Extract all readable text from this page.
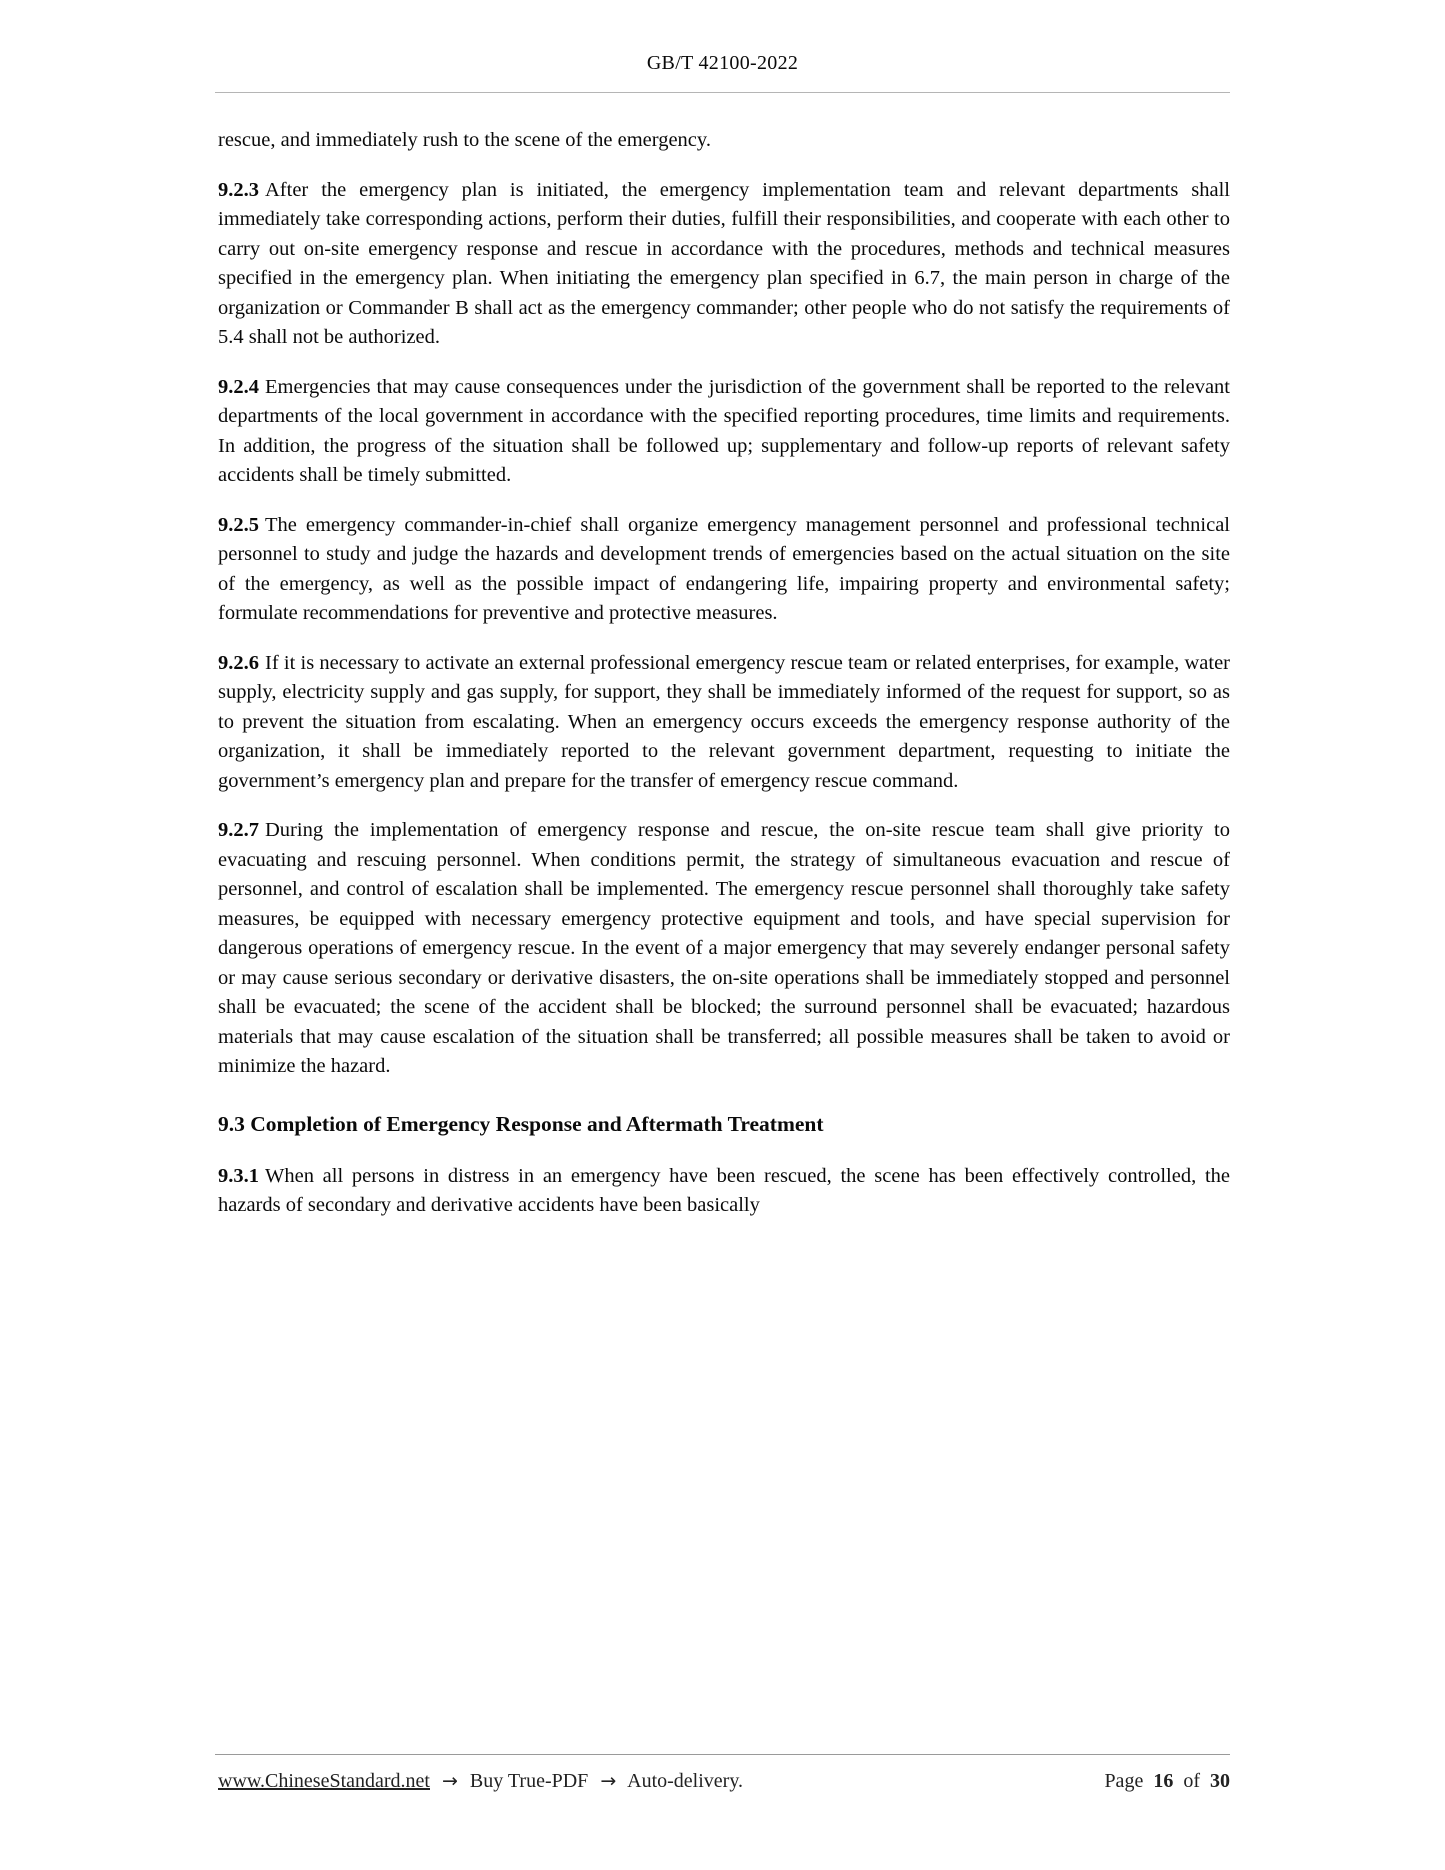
GB/T 42100-2022

rescue, and immediately rush to the scene of the emergency.

9.2.3 After the emergency plan is initiated, the emergency implementation team and relevant departments shall immediately take corresponding actions, perform their duties, fulfill their responsibilities, and cooperate with each other to carry out on-site emergency response and rescue in accordance with the procedures, methods and technical measures specified in the emergency plan. When initiating the emergency plan specified in 6.7, the main person in charge of the organization or Commander B shall act as the emergency commander; other people who do not satisfy the requirements of 5.4 shall not be authorized.

9.2.4 Emergencies that may cause consequences under the jurisdiction of the government shall be reported to the relevant departments of the local government in accordance with the specified reporting procedures, time limits and requirements. In addition, the progress of the situation shall be followed up; supplementary and follow-up reports of relevant safety accidents shall be timely submitted.

9.2.5 The emergency commander-in-chief shall organize emergency management personnel and professional technical personnel to study and judge the hazards and development trends of emergencies based on the actual situation on the site of the emergency, as well as the possible impact of endangering life, impairing property and environmental safety; formulate recommendations for preventive and protective measures.

9.2.6 If it is necessary to activate an external professional emergency rescue team or related enterprises, for example, water supply, electricity supply and gas supply, for support, they shall be immediately informed of the request for support, so as to prevent the situation from escalating. When an emergency occurs exceeds the emergency response authority of the organization, it shall be immediately reported to the relevant government department, requesting to initiate the government’s emergency plan and prepare for the transfer of emergency rescue command.

9.2.7 During the implementation of emergency response and rescue, the on-site rescue team shall give priority to evacuating and rescuing personnel. When conditions permit, the strategy of simultaneous evacuation and rescue of personnel, and control of escalation shall be implemented. The emergency rescue personnel shall thoroughly take safety measures, be equipped with necessary emergency protective equipment and tools, and have special supervision for dangerous operations of emergency rescue. In the event of a major emergency that may severely endanger personal safety or may cause serious secondary or derivative disasters, the on-site operations shall be immediately stopped and personnel shall be evacuated; the scene of the accident shall be blocked; the surround personnel shall be evacuated; hazardous materials that may cause escalation of the situation shall be transferred; all possible measures shall be taken to avoid or minimize the hazard.

9.3 Completion of Emergency Response and Aftermath Treatment

9.3.1 When all persons in distress in an emergency have been rescued, the scene has been effectively controlled, the hazards of secondary and derivative accidents have been basically

www.ChineseStandard.net → Buy True-PDF → Auto-delivery.	Page 16 of 30
